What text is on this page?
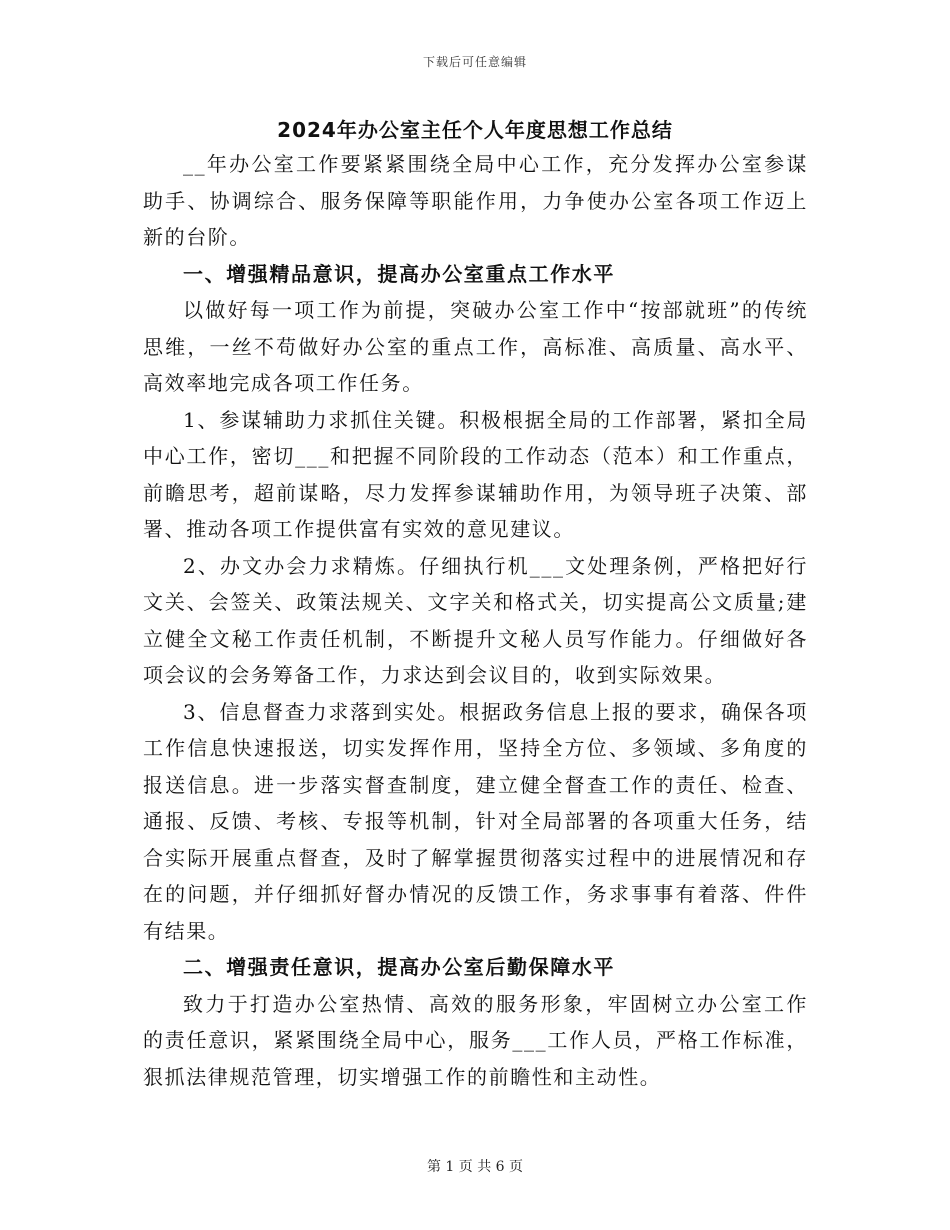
下载后可任意编辑
2024年办公室主任个人年度思想工作总结

__年办公室工作要紧紧围绕全局中心工作，充分发挥办公室参谋助手、协调综合、服务保障等职能作用，力争使办公室各项工作迈上新的台阶。

一、增强精品意识，提高办公室重点工作水平

以做好每一项工作为前提，突破办公室工作中“按部就班”的传统思维，一丝不苟做好办公室的重点工作，高标准、高质量、高水平、高效率地完成各项工作任务。

1、参谋辅助力求抓住关键。积极根据全局的工作部署，紧扣全局中心工作，密切___和把握不同阶段的工作动态（范本）和工作重点，前瞻思考，超前谋略，尽力发挥参谋辅助作用，为领导班子决策、部署、推动各项工作提供富有实效的意见建议。

2、办文办会力求精炼。仔细执行机___文处理条例，严格把好行文关、会签关、政策法规关、文字关和格式关，切实提高公文质量;建立健全文秘工作责任机制，不断提升文秘人员写作能力。仔细做好各项会议的会务筹备工作，力求达到会议目的，收到实际效果。

3、信息督查力求落到实处。根据政务信息上报的要求，确保各项工作信息快速报送，切实发挥作用，坚持全方位、多领域、多角度的报送信息。进一步落实督查制度，建立健全督查工作的责任、检查、通报、反馈、考核、专报等机制，针对全局部署的各项重大任务，结合实际开展重点督查，及时了解掌握贯彻落实过程中的进展情况和存在的问题，并仔细抓好督办情况的反馈工作，务求事事有着落、件件有结果。

二、增强责任意识，提高办公室后勤保障水平

致力于打造办公室热情、高效的服务形象，牢固树立办公室工作的责任意识，紧紧围绕全局中心，服务___工作人员，严格工作标准，狠抓法律规范管理，切实增强工作的前瞻性和主动性。

第 1 页 共 6 页
